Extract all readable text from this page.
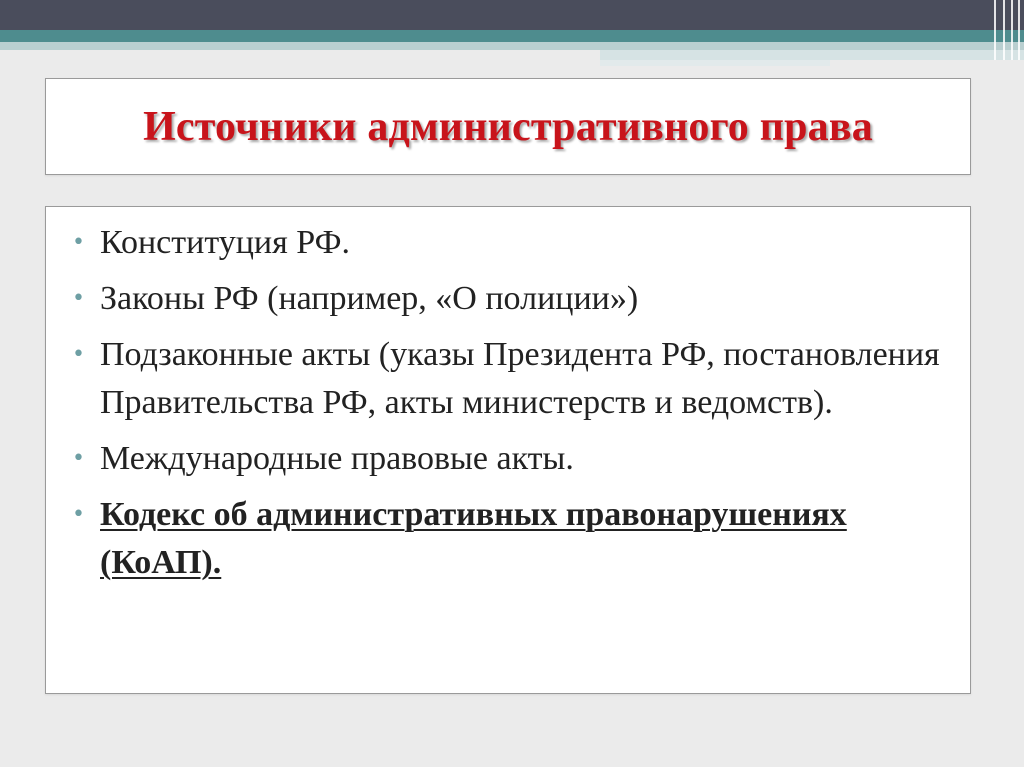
Источники административного права
• Конституция РФ.
• Законы РФ (например, «О полиции»)
• Подзаконные акты (указы Президента РФ, постановления Правительства РФ, акты министерств и ведомств).
• Международные правовые акты.
• Кодекс об административных правонарушениях (КоАП).
